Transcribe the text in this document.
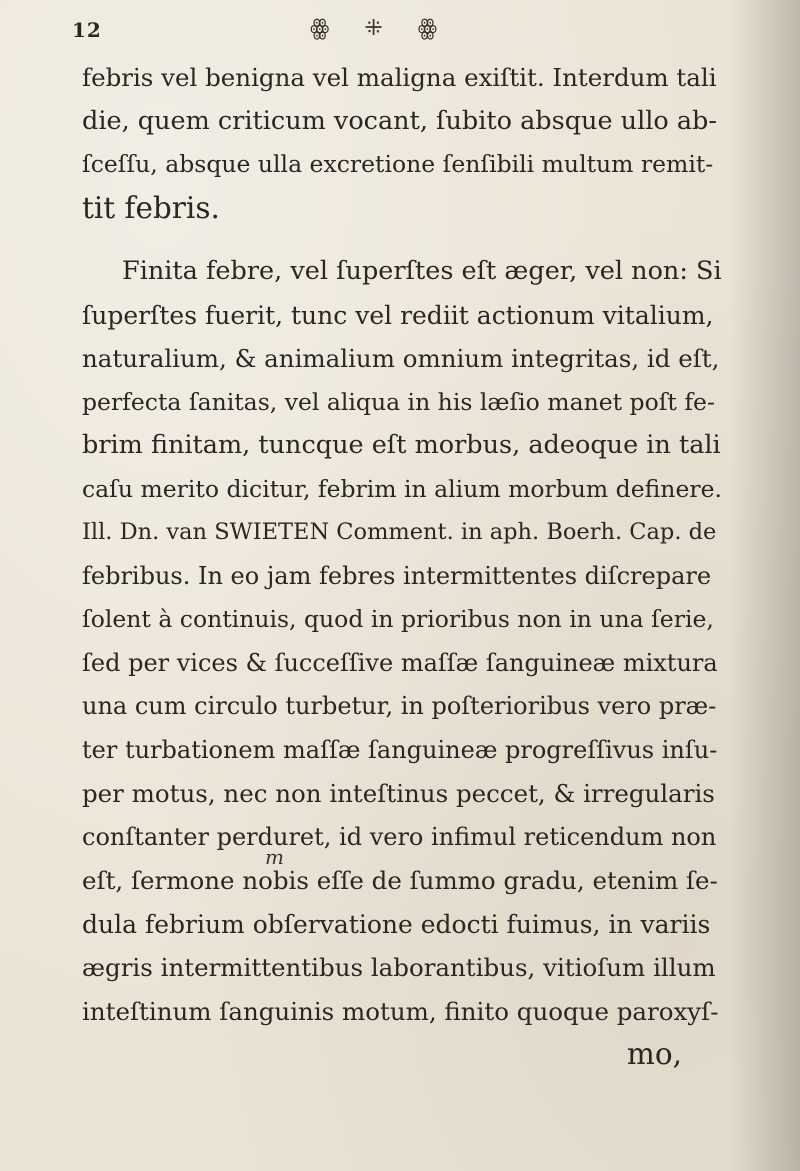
12	ꙮ ⁜ ꙮ
febris vel benigna vel maligna exiſtit. Interdum tali
die, quem criticum vocant, ſubito absque ullo ab-
ſceſſu, absque ulla excretione ſenſibili multum remit-
tit febris.
Finita febre, vel ſuperſtes eſt æger, vel non: Si
ſuperſtes fuerit, tunc vel rediit actionum vitalium,
naturalium, & animalium omnium integritas, id eſt,
perfecta ſanitas, vel aliqua in his læſio manet poſt fe-
brim finitam, tuncque eſt morbus, adeoque in tali
caſu merito dicitur, febrim in alium morbum definere.
Ill. Dn. van SWIETEN Comment. in aph. Boerh. Cap. de
febribus. In eo jam febres intermittentes diſcrepare
ſolent à continuis, quod in prioribus non in una ſerie,
ſed per vices & ſucceſſive maſſæ ſanguineæ mixtura
una cum circulo turbetur, in poſterioribus vero præ-
ter turbationem maſſæ ſanguineæ progreſſivus inſu-
per motus, nec non inteſtinus peccet, & irregularis
conſtanter perduret, id vero infimul reticendum non
eſt, ſermone nobis eſſe de ſummo gradu, etenim ſe-
dula febrium obſervatione edocti fuimus, in variis
ægris intermittentibus laborantibus, vitioſum illum
inteſtinum ſanguinis motum, finito quoque paroxyſ-
mo,
m
